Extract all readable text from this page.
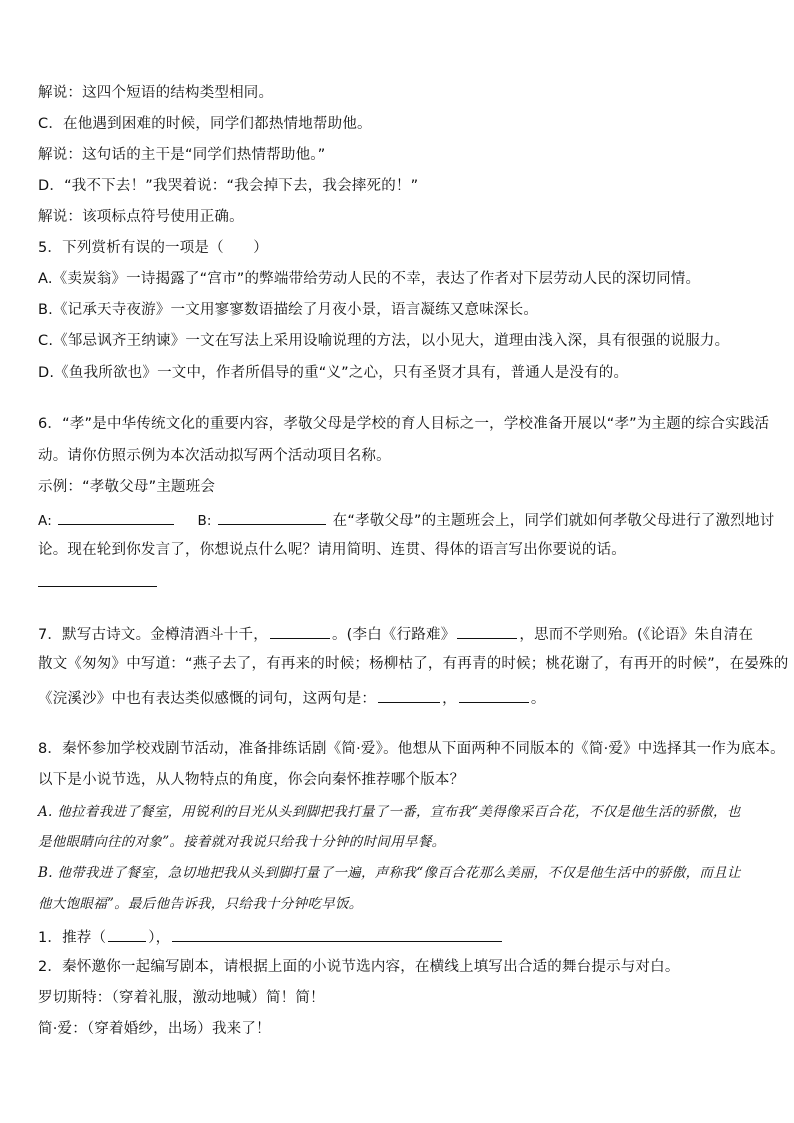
解说：这四个短语的结构类型相同。
C．在他遇到困难的时候，同学们都热情地帮助他。
解说：这句话的主干是“同学们热情帮助他。”
D．“我不下去！”我哭着说：“我会掉下去，我会摔死的！”
解说：该项标点符号使用正确。
5．下列赏析有误的一项是（　　）
A.《卖炭翁》一诗揭露了“宫市”的弊端带给劳动人民的不幸，表达了作者对下层劳动人民的深切同情。
B.《记承天寺夜游》一文用寥寥数语描绘了月夜小景，语言凝练又意味深长。
C.《邹忌讽齐王纳谏》一文在写法上采用设喻说理的方法，以小见大，道理由浅入深，具有很强的说服力。
D.《鱼我所欲也》一文中，作者所倡导的重“义”之心，只有圣贤才具有，普通人是没有的。
6．“孝”是中华传统文化的重要内容，孝敬父母是学校的育人目标之一，学校准备开展以“孝”为主题的综合实践活
动。请你仿照示例为本次活动拟写两个活动项目名称。
示例：“孝敬父母”主题班会
A:	B:	在“孝敬父母”的主题班会上，同学们就如何孝敬父母进行了激烈地讨
论。现在轮到你发言了，你想说点什么呢？请用简明、连贯、得体的语言写出你要说的话。
7．默写古诗文。金樽清酒斗十千，	。(李白《行路难》	，思而不学则殆。(《论语》朱自清在
散文《匆匆》中写道：“燕子去了，有再来的时候；杨柳枯了，有再青的时候；桃花谢了，有再开的时候”，在晏殊的
《浣溪沙》中也有表达类似感慨的词句，这两句是：	，	。
8．秦怀参加学校戏剧节活动，准备排练话剧《简·爱》。他想从下面两种不同版本的《简·爱》中选择其一作为底本。
以下是小说节选，从人物特点的角度，你会向秦怀推荐哪个版本？
A. 他拉着我进了餐室，用锐利的目光从头到脚把我打量了一番，宣布我“美得像采百合花，不仅是他生活的骄傲，也
是他眼睛向往的对象”。接着就对我说只给我十分钟的时间用早餐。
B. 他带我进了餐室，急切地把我从头到脚打量了一遍，声称我“像百合花那么美丽，不仅是他生活中的骄傲，而且让
他大饱眼福”。最后他告诉我，只给我十分钟吃早饭。
1．推荐（	），
2．秦怀邀你一起编写剧本，请根据上面的小说节选内容，在横线上填写出合适的舞台提示与对白。
罗切斯特：（穿着礼服，激动地喊）简！简！
简·爱：（穿着婚纱，出场）我来了！
